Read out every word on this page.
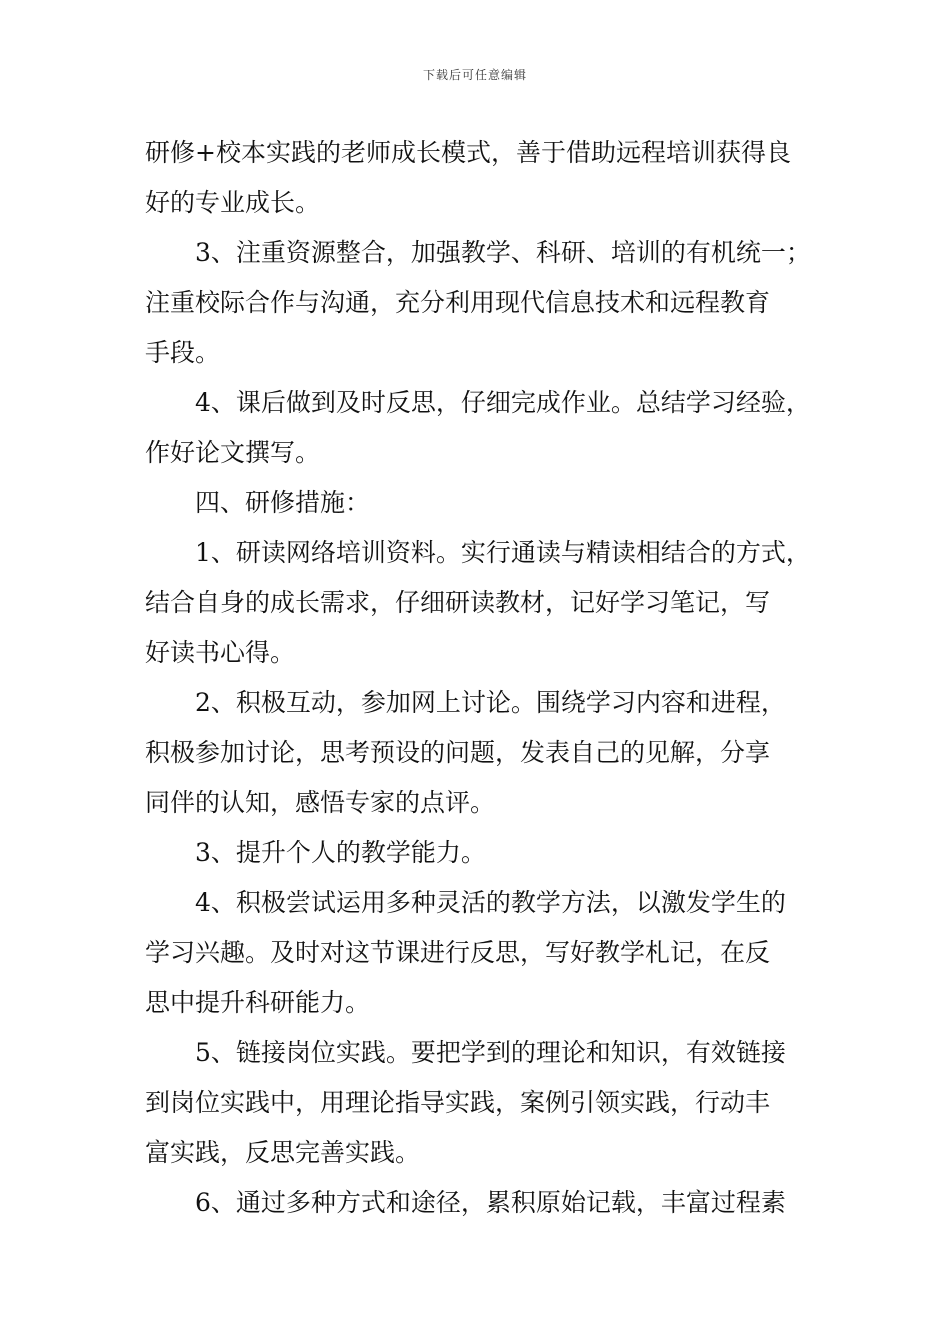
下载后可任意编辑
研修+校本实践的老师成长模式，善于借助远程培训获得良
好的专业成长。
3、注重资源整合，加强教学、科研、培训的有机统一；
注重校际合作与沟通，充分利用现代信息技术和远程教育
手段。
4、课后做到及时反思，仔细完成作业。总结学习经验，
作好论文撰写。
四、研修措施：
1、研读网络培训资料。实行通读与精读相结合的方式，
结合自身的成长需求，仔细研读教材，记好学习笔记，写
好读书心得。
2、积极互动，参加网上讨论。围绕学习内容和进程，
积极参加讨论，思考预设的问题，发表自己的见解，分享
同伴的认知，感悟专家的点评。
3、提升个人的教学能力。
4、积极尝试运用多种灵活的教学方法，以激发学生的
学习兴趣。及时对这节课进行反思，写好教学札记，在反
思中提升科研能力。
5、链接岗位实践。要把学到的理论和知识，有效链接
到岗位实践中，用理论指导实践，案例引领实践，行动丰
富实践，反思完善实践。
6、通过多种方式和途径，累积原始记载，丰富过程素
